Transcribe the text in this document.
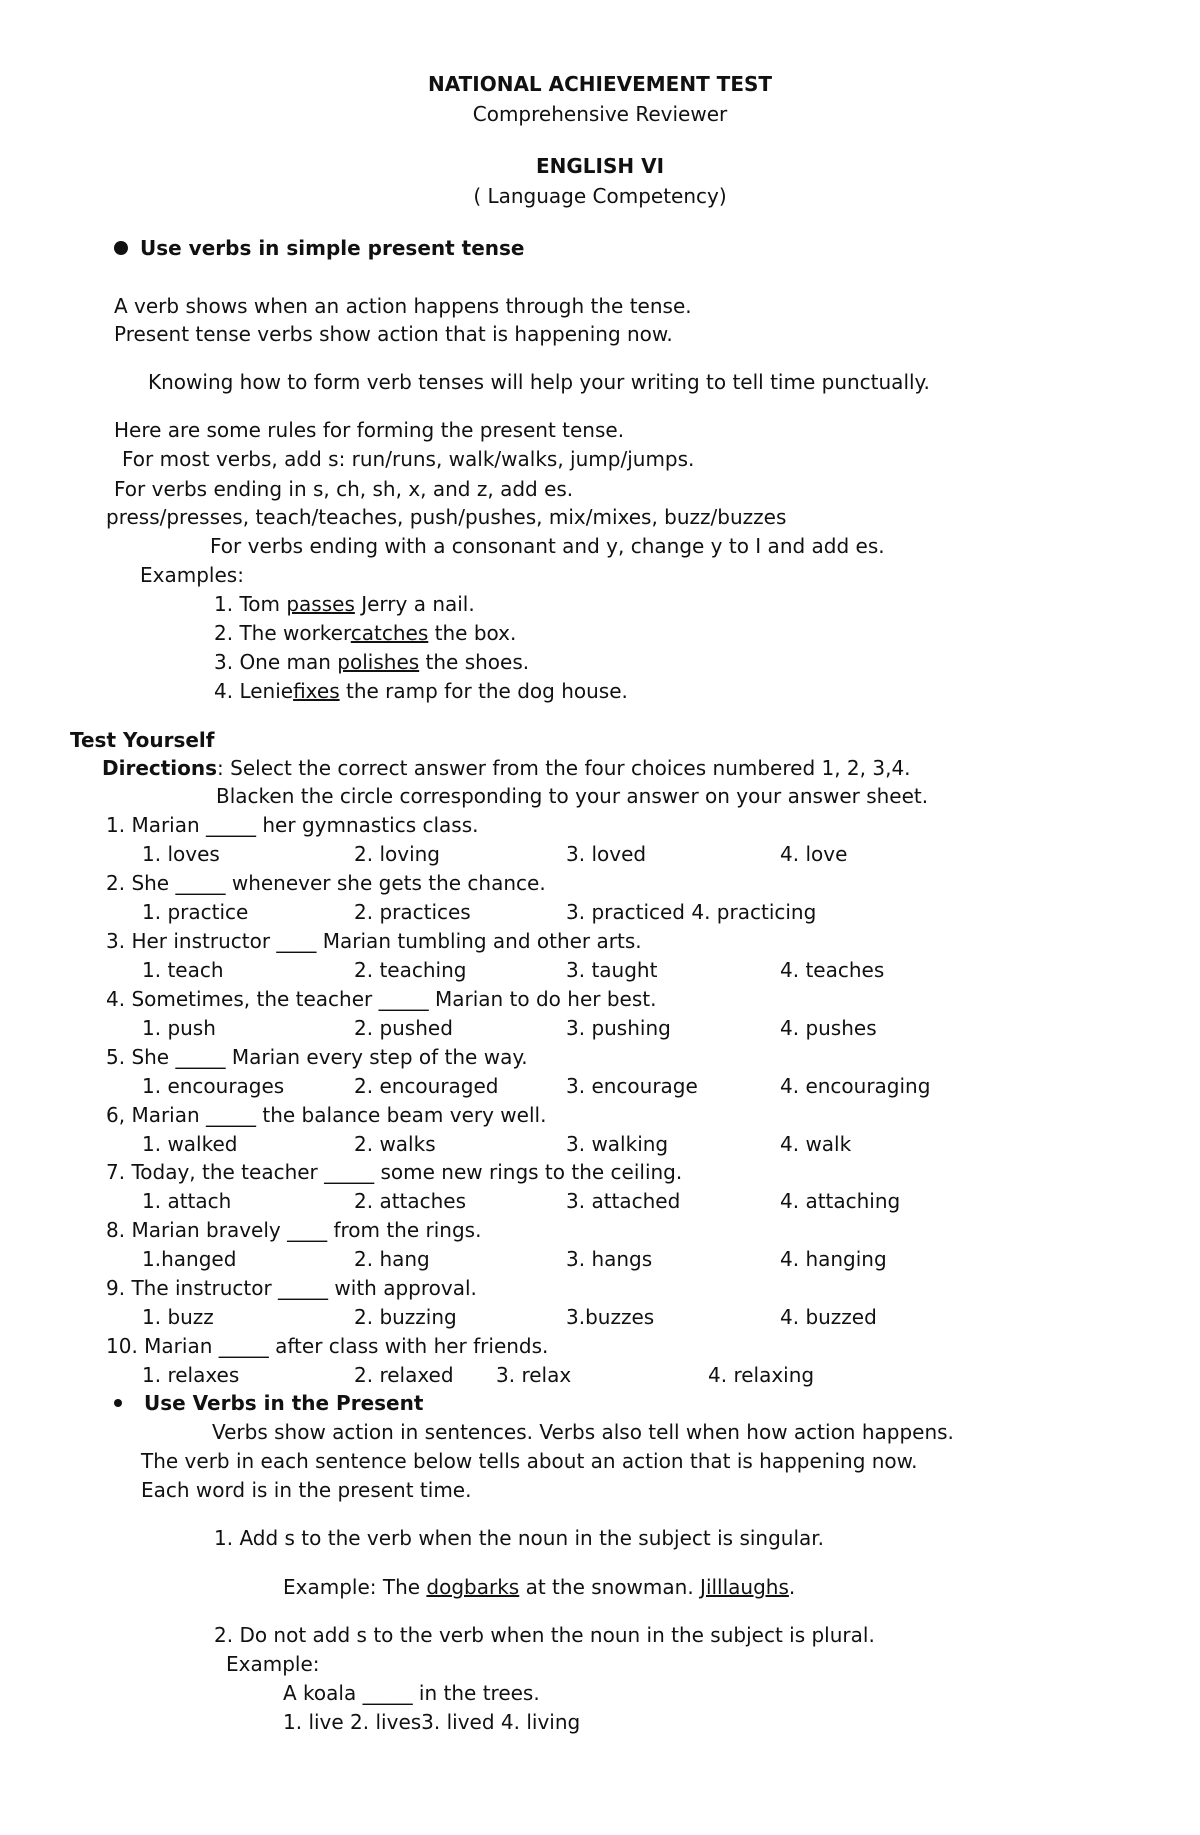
NATIONAL ACHIEVEMENT TEST
Comprehensive Reviewer
ENGLISH VI
( Language Competency)
Use verbs in simple present tense
A verb shows when an action happens through the tense.
Present tense verbs show action that is happening now.
Knowing how to form verb tenses will help your writing to tell time punctually.
Here are some rules for forming the present tense.
For most verbs, add s: run/runs, walk/walks, jump/jumps.
For verbs ending in s, ch, sh, x, and z, add es.
press/presses, teach/teaches, push/pushes, mix/mixes, buzz/buzzes
For verbs ending with a consonant and y, change y to I and add es.
Examples:
1. Tom passes Jerry a nail.
2. The workercatches the box.
3. One man polishes the shoes.
4. Leniefixes the ramp for the dog house.
Test Yourself
Directions: Select the correct answer from the four choices numbered 1, 2, 3,4.
Blacken the circle corresponding to your answer on your answer sheet.
1. Marian _____ her gymnastics class.
1. loves	2. loving	3. loved	4. love
2. She _____ whenever she gets the chance.
1. practice	2. practices	3. practiced 4. practicing
3. Her instructor ____ Marian tumbling and other arts.
1. teach	2. teaching	3. taught	4. teaches
4. Sometimes, the teacher _____ Marian to do her best.
1. push	2. pushed	3. pushing	4. pushes
5. She _____ Marian every step of the way.
1. encourages	2. encouraged	3. encourage	4. encouraging
6, Marian _____ the balance beam very well.
1. walked	2. walks	3. walking	4. walk
7. Today, the teacher _____ some new rings to the ceiling.
1. attach	2. attaches	3. attached	4. attaching
8. Marian bravely ____ from the rings.
1.hanged	2. hang	3. hangs	4. hanging
9. The instructor _____ with approval.
1. buzz	2. buzzing	3.buzzes	4. buzzed
10. Marian _____ after class with her friends.
1. relaxes	2. relaxed 3. relax	4. relaxing
Use Verbs in the Present
Verbs show action in sentences. Verbs also tell when how action happens.
The verb in each sentence below tells about an action that is happening now.
Each word is in the present time.
1. Add s to the verb when the noun in the subject is singular.
Example: The dogbarks at the snowman. Jilllaughs.
2. Do not add s to the verb when the noun in the subject is plural.
Example:
A koala _____ in the trees.
1. live 2. lives3. lived 4. living
